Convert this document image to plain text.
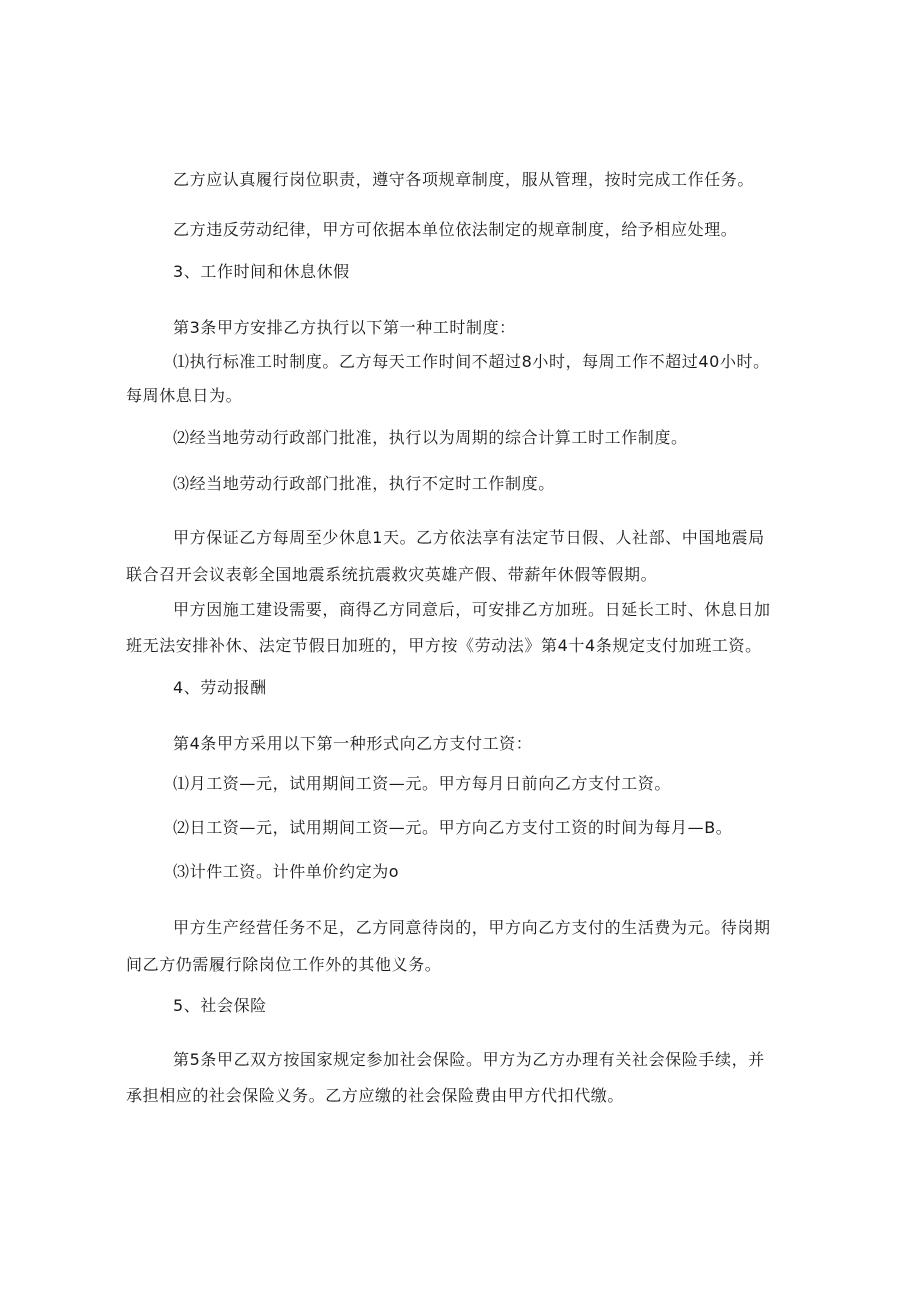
乙方应认真履行岗位职责，遵守各项规章制度，服从管理，按时完成工作任务。
乙方违反劳动纪律，甲方可依据本单位依法制定的规章制度，给予相应处理。
3、工作时间和休息休假
第3条甲方安排乙方执行以下第一种工时制度：
⑴执行标准工时制度。乙方每天工作时间不超过8小时，每周工作不超过40小时。
每周休息日为。
⑵经当地劳动行政部门批准，执行以为周期的综合计算工时工作制度。
⑶经当地劳动行政部门批准，执行不定时工作制度。
甲方保证乙方每周至少休息1天。乙方依法享有法定节日假、人社部、中国地震局
联合召开会议表彰全国地震系统抗震救灾英雄产假、带薪年休假等假期。
甲方因施工建设需要，商得乙方同意后，可安排乙方加班。日延长工时、休息日加
班无法安排补休、法定节假日加班的，甲方按《劳动法》第4十4条规定支付加班工资。
4、劳动报酬
第4条甲方采用以下第一种形式向乙方支付工资：
⑴月工资—元，试用期间工资—元。甲方每月日前向乙方支付工资。
⑵日工资—元，试用期间工资—元。甲方向乙方支付工资的时间为每月—B。
⑶计件工资。计件单价约定为o
甲方生产经营任务不足，乙方同意待岗的，甲方向乙方支付的生活费为元。待岗期
间乙方仍需履行除岗位工作外的其他义务。
5、社会保险
第5条甲乙双方按国家规定参加社会保险。甲方为乙方办理有关社会保险手续，并
承担相应的社会保险义务。乙方应缴的社会保险费由甲方代扣代缴。
